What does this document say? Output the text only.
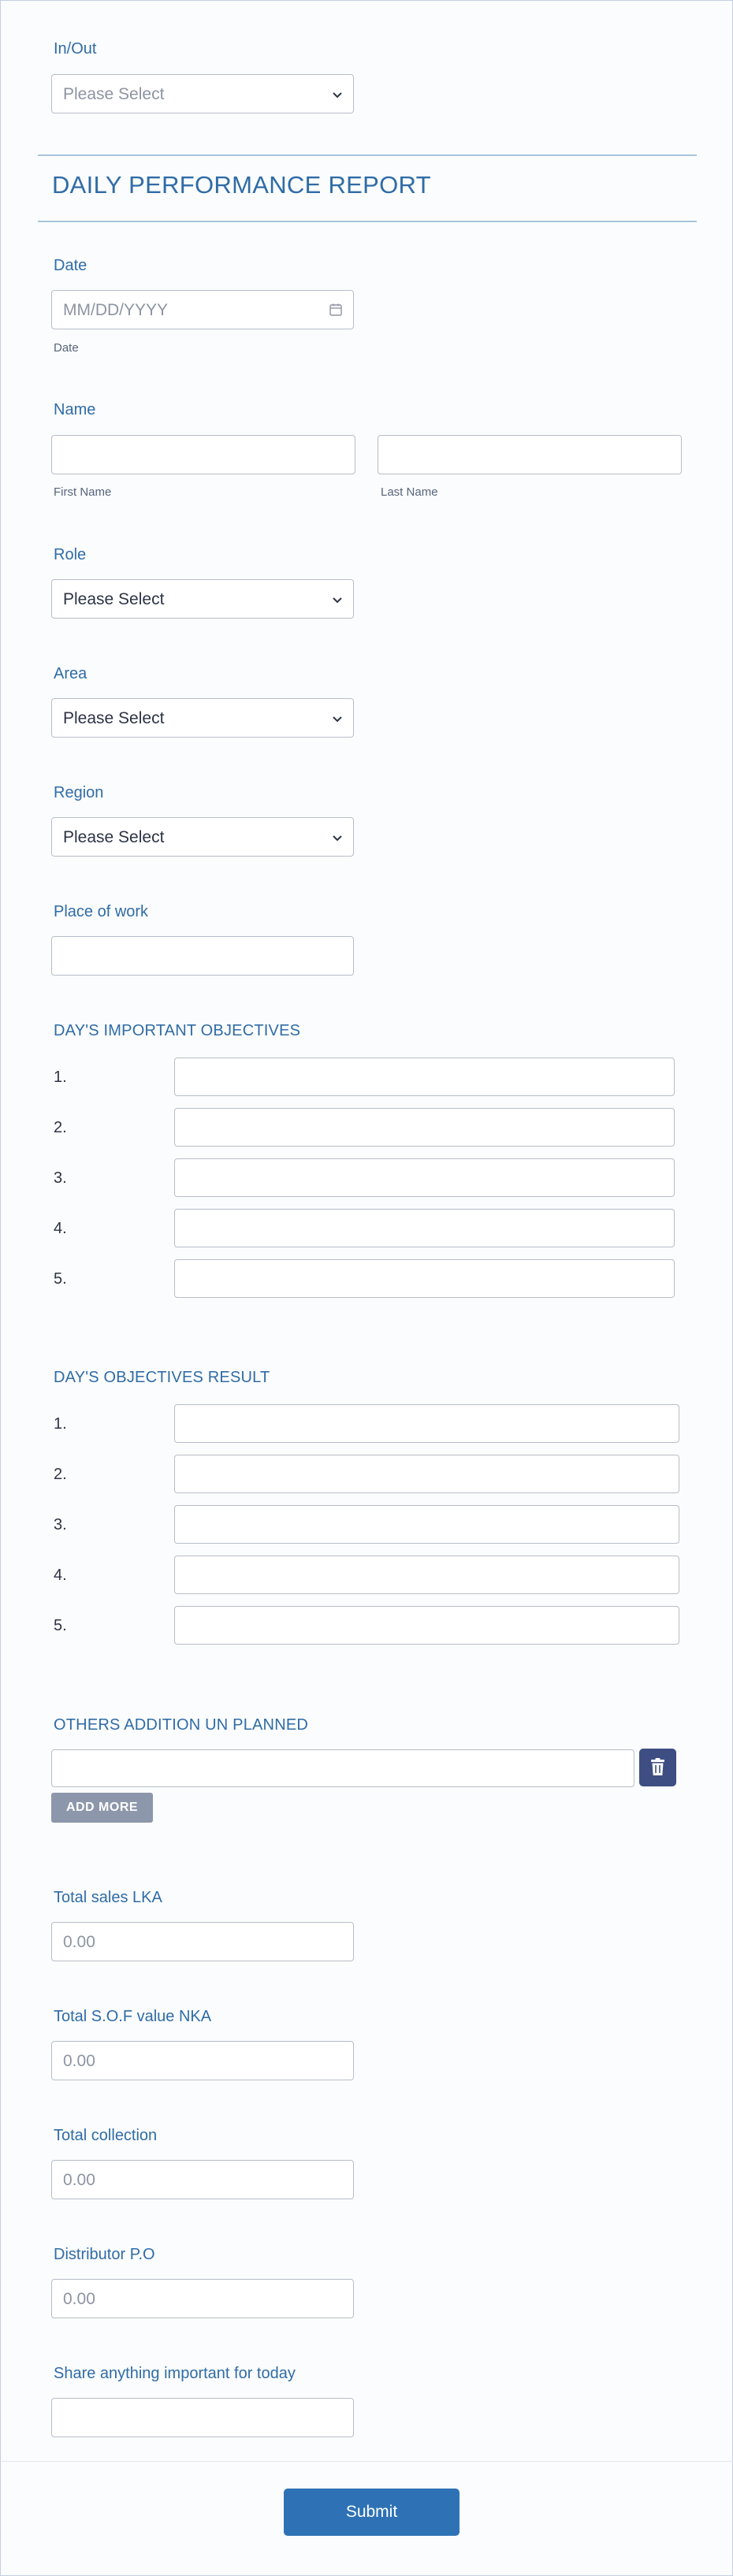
In/Out
Please Select
DAILY PERFORMANCE REPORT
Date
MM/DD/YYYY
Date
Name
First Name	Last Name
Role
Please Select
Area
Please Select
Region
Please Select
Place of work
DAY'S IMPORTANT OBJECTIVES
1.
2.
3.
4.
5.
DAY'S OBJECTIVES RESULT
1.
2.
3.
4.
5.
OTHERS ADDITION UN PLANNED
ADD MORE
Total sales LKA
0.00
Total S.O.F value NKA
0.00
Total collection
0.00
Distributor P.O
0.00
Share anything important for today
Submit
